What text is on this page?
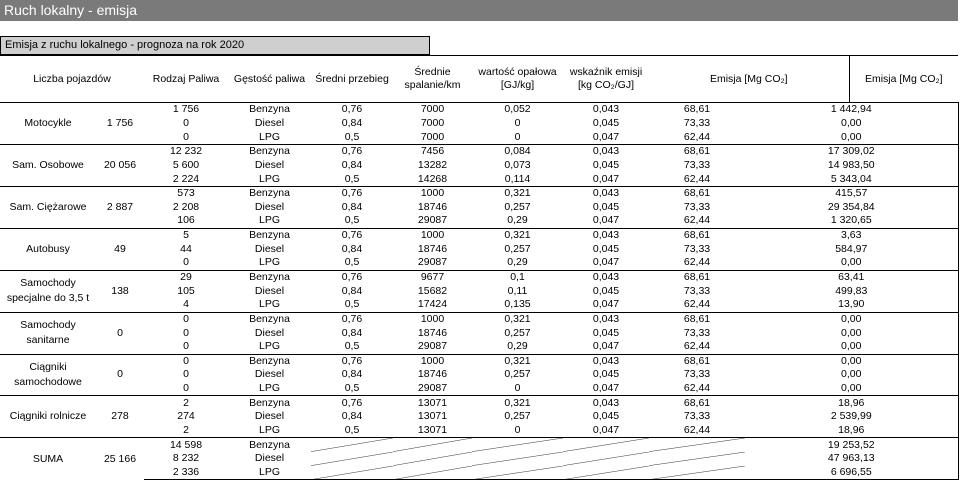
Ruch lokalny - emisja
Emisja z ruchu lokalnego - prognoza na rok 2020
Liczba pojazdów		Rodzaj Paliwa	Gęstość paliwa	Średni przebieg	Średnie spalanie/km	wartość opałowa [GJ/kg]	wskaźnik emisji [kg CO₂/GJ]	Emisja [Mg CO₂]		Emisja [Mg CO₂]	
Motocykle	1 756	1 756	Benzyna	0,76	7000	0,052	0,043	68,61	1 442,94	
		0	Diesel	0,84	7000	0	0,045	73,33	0,00		
		0	LPG	0,5	7000	0	0,047	62,44	0,00		
Sam. Osobowe	20 056	12 232	Benzyna	0,76	7456	0,084	0,043	68,61	17 309,02	
		5 600	Diesel	0,84	13282	0,073	0,045	73,33	14 983,50		
		2 224	LPG	0,5	14268	0,114	0,047	62,44	5 343,04		
Sam. Ciężarowe	2 887	573	Benzyna	0,76	1000	0,321	0,043	68,61	415,57	
		2 208	Diesel	0,84	18746	0,257	0,045	73,33	29 354,84		
		106	LPG	0,5	29087	0,29	0,047	62,44	1 320,65		
Autobusy	49	5	Benzyna	0,76	1000	0,321	0,043	68,61	3,63	
		44	Diesel	0,84	18746	0,257	0,045	73,33	584,97		
		0	LPG	0,5	29087	0,29	0,047	62,44	0,00		
Samochody specjalne do 3,5 t	138	29	Benzyna	0,76	9677	0,1	0,043	68,61	63,41	
		105	Diesel	0,84	15682	0,11	0,045	73,33	499,83		
		4	LPG	0,5	17424	0,135	0,047	62,44	13,90		
Samochody sanitarne	0	0	Benzyna	0,76	1000	0,321	0,043	68,61	0,00	
		0	Diesel	0,84	18746	0,257	0,045	73,33	0,00		
		0	LPG	0,5	29087	0,29	0,047	62,44	0,00		
Ciągniki samochodowe	0	0	Benzyna	0,76	1000	0,321	0,043	68,61	0,00	
		0	Diesel	0,84	18746	0,257	0,045	73,33	0,00		
		0	LPG	0,5	29087	0	0,047	62,44	0,00		
Ciągniki rolnicze	278	2	Benzyna	0,76	13071	0,321	0,043	68,61	18,96	
		274	Diesel	0,84	13071	0,257	0,045	73,33	2 539,99		
		2	LPG	0,5	13071	0	0,047	62,44	18,96		
SUMA	25 166	14 598	Benzyna						19 253,52	
		8 232	Diesel						47 963,13		
		2 336	LPG						6 696,55		
